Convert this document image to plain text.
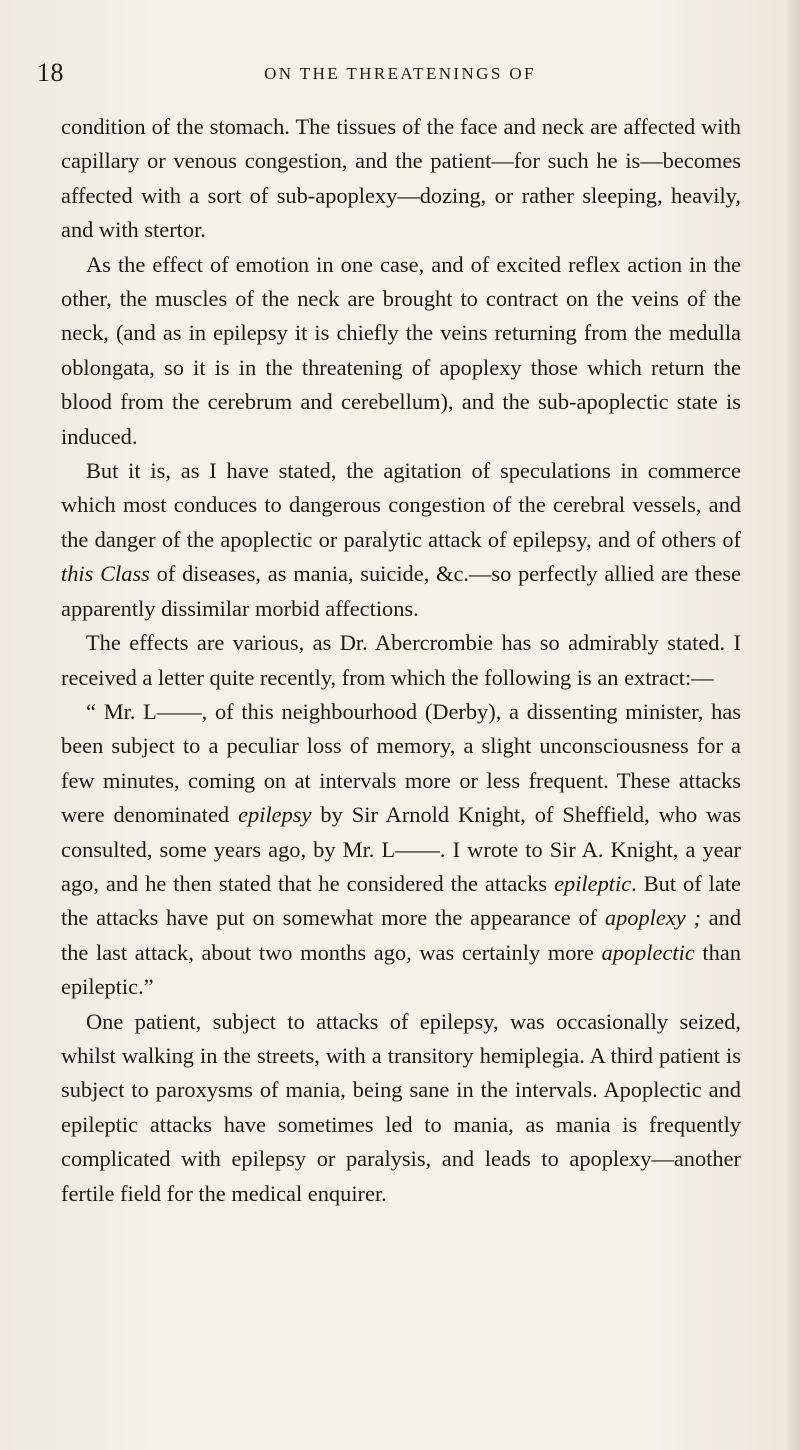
18	ON THE THREATENINGS OF

condition of the stomach. The tissues of the face and neck are affected with capillary or venous congestion, and the patient—for such he is—becomes affected with a sort of sub-apoplexy—dozing, or rather sleeping, heavily, and with stertor.

As the effect of emotion in one case, and of excited reflex action in the other, the muscles of the neck are brought to contract on the veins of the neck, (and as in epilepsy it is chiefly the veins returning from the medulla oblongata, so it is in the threatening of apoplexy those which return the blood from the cerebrum and cerebellum), and the sub-apoplectic state is induced.

But it is, as I have stated, the agitation of speculations in commerce which most conduces to dangerous congestion of the cerebral vessels, and the danger of the apoplectic or paralytic attack of epilepsy, and of others of this Class of diseases, as mania, suicide, &c.—so perfectly allied are these apparently dissimilar morbid affections.

The effects are various, as Dr. Abercrombie has so admirably stated. I received a letter quite recently, from which the following is an extract:—

“ Mr. L——, of this neighbourhood (Derby), a dissenting minister, has been subject to a peculiar loss of memory, a slight unconsciousness for a few minutes, coming on at intervals more or less frequent. These attacks were denominated epilepsy by Sir Arnold Knight, of Sheffield, who was consulted, some years ago, by Mr. L——. I wrote to Sir A. Knight, a year ago, and he then stated that he considered the attacks epileptic. But of late the attacks have put on somewhat more the appearance of apoplexy ; and the last attack, about two months ago, was certainly more apoplectic than epileptic.”

One patient, subject to attacks of epilepsy, was occasionally seized, whilst walking in the streets, with a transitory hemiplegia. A third patient is subject to paroxysms of mania, being sane in the intervals. Apoplectic and epileptic attacks have sometimes led to mania, as mania is frequently complicated with epilepsy or paralysis, and leads to apoplexy—another fertile field for the medical enquirer.
